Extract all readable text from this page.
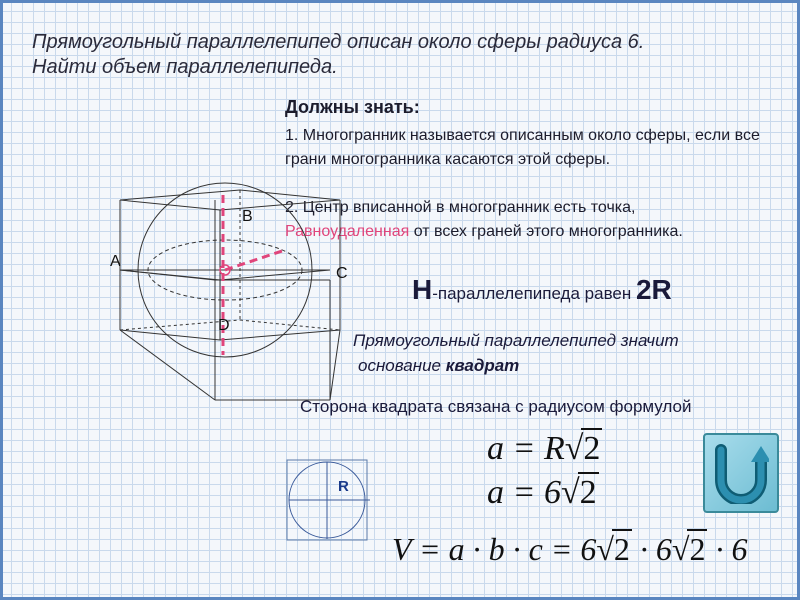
Прямоугольный параллелепипед описан около сферы радиуса 6.
Найти объем параллелепипеда.
Должны знать:
1. Многогранник называется описанным около сферы, если все грани многогранника касаются этой сферы.
2. Центр вписанной в многогранник есть точка,
Равноудаленная от всех граней этого многогранника.
H-параллелепипеда равен 2R
Прямоугольный параллелепипед значит
основание квадрат
Сторона квадрата связана с радиусом формулой
a = R√2
a = 6√2
V = a · b · c = 6√2 · 6√2 · 6
A
B
C
D
R
